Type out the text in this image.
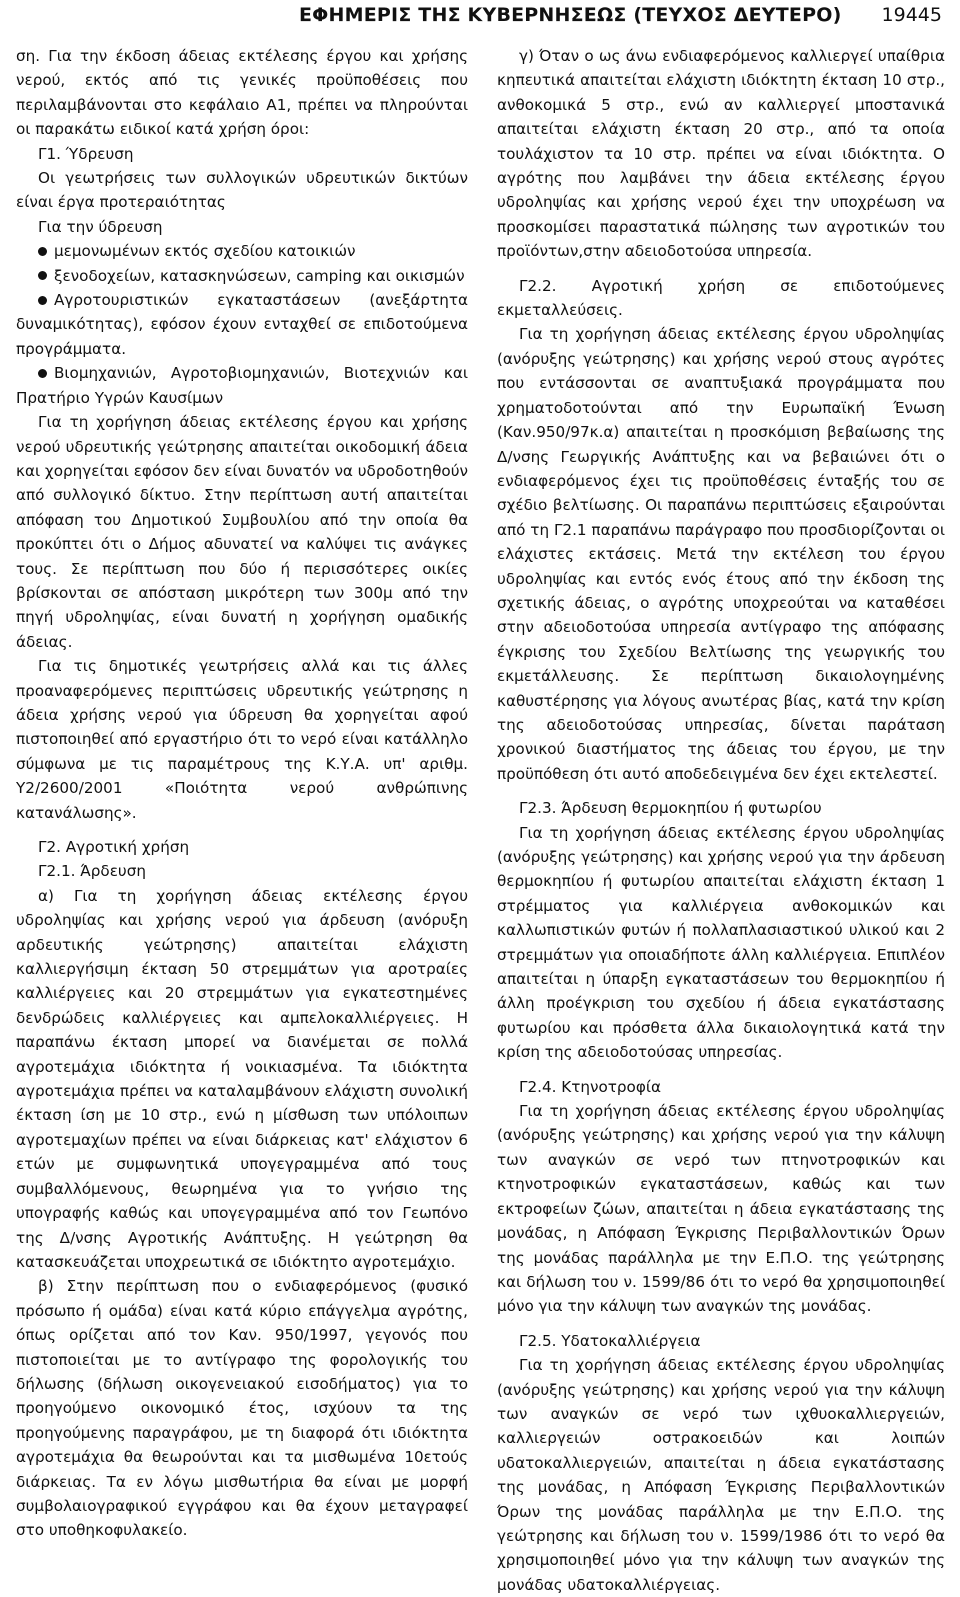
ΕΦΗΜΕΡΙΣ ΤΗΣ ΚΥΒΕΡΝΗΣΕΩΣ (ΤΕΥΧΟΣ ΔΕΥΤΕΡΟ) 19445

ση. Για την έκδοση άδειας εκτέλεσης έργου και χρήσης νερού, εκτός από τις γενικές προϋποθέσεις που περιλαμβάνονται στο κεφάλαιο Α1, πρέπει να πληρούνται οι παρακάτω ειδικοί κατά χρήση όροι:

Γ1. Ύδρευση

Οι γεωτρήσεις των συλλογικών υδρευτικών δικτύων είναι έργα προτεραιότητας

Για την ύδρευση

μεμονωμένων εκτός σχεδίου κατοικιών

ξενοδοχείων, κατασκηνώσεων, camping και οικισμών

Αγροτουριστικών εγκαταστάσεων (ανεξάρτητα δυναμικότητας), εφόσον έχουν ενταχθεί σε επιδοτούμενα προγράμματα.

Βιομηχανιών, Αγροτοβιομηχανιών, Βιοτεχνιών και Πρατήριο Υγρών Καυσίμων

Για τη χορήγηση άδειας εκτέλεσης έργου και χρήσης νερού υδρευτικής γεώτρησης απαιτείται οικοδομική άδεια και χορηγείται εφόσον δεν είναι δυνατόν να υδροδοτηθούν από συλλογικό δίκτυο. Στην περίπτωση αυτή απαιτείται απόφαση του Δημοτικού Συμβουλίου από την οποία θα προκύπτει ότι ο Δήμος αδυνατεί να καλύψει τις ανάγκες τους. Σε περίπτωση που δύο ή περισσότερες οικίες βρίσκονται σε απόσταση μικρότερη των 300μ από την πηγή υδροληψίας, είναι δυνατή η χορήγηση ομαδικής άδειας.

Για τις δημοτικές γεωτρήσεις αλλά και τις άλλες προαναφερόμενες περιπτώσεις υδρευτικής γεώτρησης η άδεια χρήσης νερού για ύδρευση θα χορηγείται αφού πιστοποιηθεί από εργαστήριο ότι το νερό είναι κατάλληλο σύμφωνα με τις παραμέτρους της Κ.Υ.Α. υπ' αριθμ. Υ2/2600/2001 «Ποιότητα νερού ανθρώπινης κατανάλωσης».

Γ2. Αγροτική χρήση

Γ2.1. Άρδευση

α) Για τη χορήγηση άδειας εκτέλεσης έργου υδροληψίας και χρήσης νερού για άρδευση (ανόρυξη αρδευτικής γεώτρησης) απαιτείται ελάχιστη καλλιεργήσιμη έκταση 50 στρεμμάτων για αροτραίες καλλιέργειες και 20 στρεμμάτων για εγκατεστημένες δενδρώδεις καλλιέργειες και αμπελοκαλλιέργειες. Η παραπάνω έκταση μπορεί να διανέμεται σε πολλά αγροτεμάχια ιδιόκτητα ή νοικιασμένα. Τα ιδιόκτητα αγροτεμάχια πρέπει να καταλαμβάνουν ελάχιστη συνολική έκταση ίση με 10 στρ., ενώ η μίσθωση των υπόλοιπων αγροτεμαχίων πρέπει να είναι διάρκειας κατ' ελάχιστον 6 ετών με συμφωνητικά υπογεγραμμένα από τους συμβαλλόμενους, θεωρημένα για το γνήσιο της υπογραφής καθώς και υπογεγραμμένα από τον Γεωπόνο της Δ/νσης Αγροτικής Ανάπτυξης. Η γεώτρηση θα κατασκευάζεται υποχρεωτικά σε ιδιόκτητο αγροτεμάχιο.

β) Στην περίπτωση που ο ενδιαφερόμενος (φυσικό πρόσωπο ή ομάδα) είναι κατά κύριο επάγγελμα αγρότης, όπως ορίζεται από τον Καν. 950/1997, γεγονός που πιστοποιείται με το αντίγραφο της φορολογικής του δήλωσης (δήλωση οικογενειακού εισοδήματος) για το προηγούμενο οικονομικό έτος, ισχύουν τα της προηγούμενης παραγράφου, με τη διαφορά ότι ιδιόκτητα αγροτεμάχια θα θεωρούνται και τα μισθωμένα 10ετούς διάρκειας. Τα εν λόγω μισθωτήρια θα είναι με μορφή συμβολαιογραφικού εγγράφου και θα έχουν μεταγραφεί στο υποθηκοφυλακείο.

γ) Όταν ο ως άνω ενδιαφερόμενος καλλιεργεί υπαίθρια κηπευτικά απαιτείται ελάχιστη ιδιόκτητη έκταση 10 στρ., ανθοκομικά 5 στρ., ενώ αν καλλιεργεί μποσταvικά απαιτείται ελάχιστη έκταση 20 στρ., από τα οποία τουλάχιστον τα 10 στρ. πρέπει να είναι ιδιόκτητα. Ο αγρότης που λαμβάνει την άδεια εκτέλεσης έργου υδροληψίας και χρήσης νερού έχει την υποχρέωση να προσκομίσει παραστατικά πώλησης των αγροτικών του προϊόντων,στην αδειοδοτούσα υπηρεσία.

Γ2.2. Αγροτική χρήση σε επιδοτούμενες εκμεταλλεύσεις.

Για τη χορήγηση άδειας εκτέλεσης έργου υδροληψίας (ανόρυξης γεώτρησης) και χρήσης νερού στους αγρότες που εντάσσονται σε αναπτυξιακά προγράμματα που χρηματοδοτούνται από την Ευρωπαϊκή Ένωση (Καν.950/97κ.α) απαιτείται η προσκόμιση βεβαίωσης της Δ/νσης Γεωργικής Ανάπτυξης και να βεβαιώνει ότι ο ενδιαφερόμενος έχει τις προϋποθέσεις ένταξής του σε σχέδιο βελτίωσης. Οι παραπάνω περιπτώσεις εξαιρούνται από τη Γ2.1 παραπάνω παράγραφο που προσδιορίζονται οι ελάχιστες εκτάσεις. Μετά την εκτέλεση του έργου υδροληψίας και εντός ενός έτους από την έκδοση της σχετικής άδειας, ο αγρότης υποχρεούται να καταθέσει στην αδειοδοτούσα υπηρεσία αντίγραφο της απόφασης έγκρισης του Σχεδίου Βελτίωσης της γεωργικής του εκμετάλλευσης. Σε περίπτωση δικαιολογημένης καθυστέρησης για λόγους ανωτέρας βίας, κατά την κρίση της αδειοδοτούσας υπηρεσίας, δίνεται παράταση χρονικού διαστήματος της άδειας του έργου, με την προϋπόθεση ότι αυτό αποδεδειγμένα δεν έχει εκτελεστεί.

Γ2.3. Άρδευση θερμοκηπίου ή φυτωρίου

Για τη χορήγηση άδειας εκτέλεσης έργου υδροληψίας (ανόρυξης γεώτρησης) και χρήσης νερού για την άρδευση θερμοκηπίου ή φυτωρίου απαιτείται ελάχιστη έκταση 1 στρέμματος για καλλιέργεια ανθοκομικών και καλλωπιστικών φυτών ή πολλαπλασιαστικού υλικού και 2 στρεμμάτων για οποιαδήποτε άλλη καλλιέργεια. Επιπλέον απαιτείται η ύπαρξη εγκαταστάσεων του θερμοκηπίου ή άλλη προέγκριση του σχεδίου ή άδεια εγκατάστασης φυτωρίου και πρόσθετα άλλα δικαιολογητικά κατά την κρίση της αδειοδοτούσας υπηρεσίας.

Γ2.4. Κτηνοτροφία

Για τη χορήγηση άδειας εκτέλεσης έργου υδροληψίας (ανόρυξης γεώτρησης) και χρήσης νερού για την κάλυψη των αναγκών σε νερό των πτηνοτροφικών και κτηνοτροφικών εγκαταστάσεων, καθώς και των εκτροφείων ζώων, απαιτείται η άδεια εγκατάστασης της μονάδας, η Απόφαση Έγκρισης Περιβαλλοντικών Όρων της μονάδας παράλληλα με την Ε.Π.Ο. της γεώτρησης και δήλωση του ν. 1599/86 ότι το νερό θα χρησιμοποιηθεί μόνο για την κάλυψη των αναγκών της μονάδας.

Γ2.5. Υδατοκαλλιέργεια

Για τη χορήγηση άδειας εκτέλεσης έργου υδροληψίας (ανόρυξης γεώτρησης) και χρήσης νερού για την κάλυψη των αναγκών σε νερό των ιχθυοκαλλιεργειών, καλλιεργειών οστρακοειδών και λοιπών υδατοκαλλιεργειών, απαιτείται η άδεια εγκατάστασης της μονάδας, η Απόφαση Έγκρισης Περιβαλλοντικών Όρων της μονάδας παράλληλα με την Ε.Π.Ο. της γεώτρησης και δήλωση του ν. 1599/1986 ότι το νερό θα χρησιμοποιηθεί μόνο για την κάλυψη των αναγκών της μονάδας υδατοκαλλιέργειας.
